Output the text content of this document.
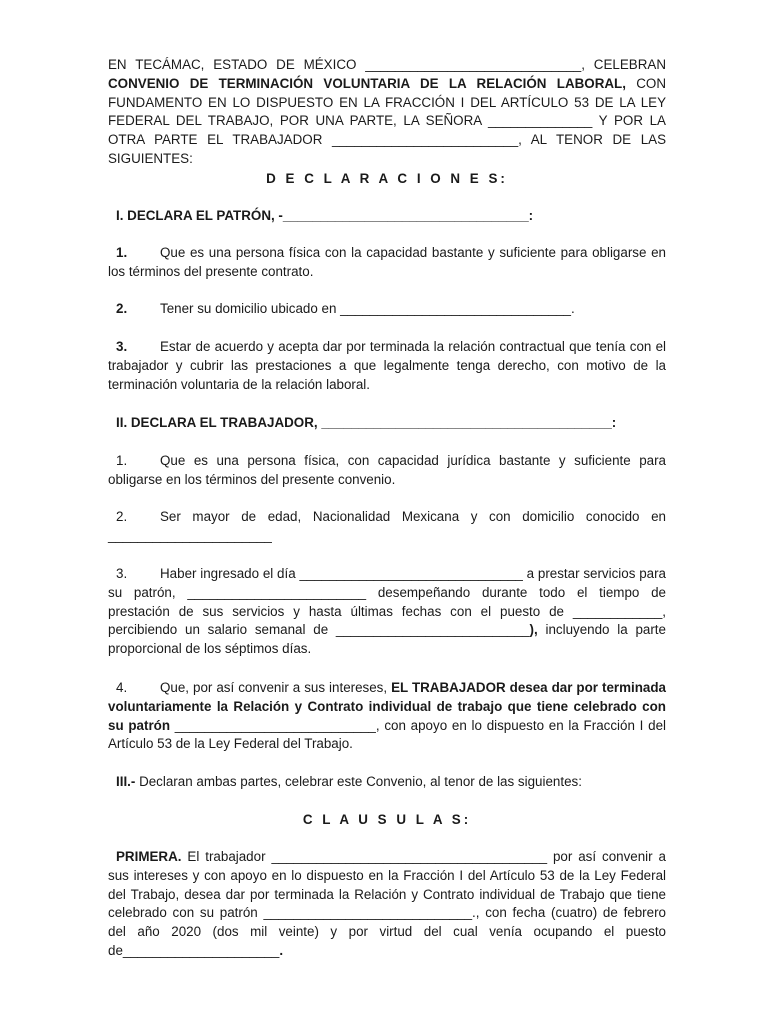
EN TECÁMAC, ESTADO DE MÉXICO _____________________________, CELEBRAN CONVENIO DE TERMINACIÓN VOLUNTARIA DE LA RELACIÓN LABORAL, CON FUNDAMENTO EN LO DISPUESTO EN LA FRACCIÓN I DEL ARTÍCULO 53 DE LA LEY FEDERAL DEL TRABAJO, POR UNA PARTE, LA SEÑORA ______________ Y POR LA OTRA PARTE EL TRABAJADOR _________________________, AL TENOR DE LAS SIGUIENTES:

D E C L A R A C I O N E S:

I. DECLARA EL PATRÓN, -_________________________________:

1. Que es una persona física con la capacidad bastante y suficiente para obligarse en los términos del presente contrato.

2. Tener su domicilio ubicado en _______________________________.

3. Estar de acuerdo y acepta dar por terminada la relación contractual que tenía con el trabajador y cubrir las prestaciones a que legalmente tenga derecho, con motivo de la terminación voluntaria de la relación laboral.

II. DECLARA EL TRABAJADOR, _______________________________________:

1. Que es una persona física, con capacidad jurídica bastante y suficiente para obligarse en los términos del presente convenio.

2. Ser mayor de edad, Nacionalidad Mexicana y con domicilio conocido en ______________________

3. Haber ingresado el día ______________________________ a prestar servicios para su patrón, ________________________ desempeñando durante todo el tiempo de prestación de sus servicios y hasta últimas fechas con el puesto de ____________, percibiendo un salario semanal de __________________________), incluyendo la parte proporcional de los séptimos días.

4. Que, por así convenir a sus intereses, EL TRABAJADOR desea dar por terminada voluntariamente la Relación y Contrato individual de trabajo que tiene celebrado con su patrón ___________________________, con apoyo en lo dispuesto en la Fracción I del Artículo 53 de la Ley Federal del Trabajo.

III.- Declaran ambas partes, celebrar este Convenio, al tenor de las siguientes:

C L A U S U L A S:

PRIMERA. El trabajador _____________________________________ por así convenir a sus intereses y con apoyo en lo dispuesto en la Fracción I del Artículo 53 de la Ley Federal del Trabajo, desea dar por terminada la Relación y Contrato individual de Trabajo que tiene celebrado con su patrón ____________________________., con fecha (cuatro) de febrero del año 2020 (dos mil veinte) y por virtud del cual venía ocupando el puesto de_____________________.
